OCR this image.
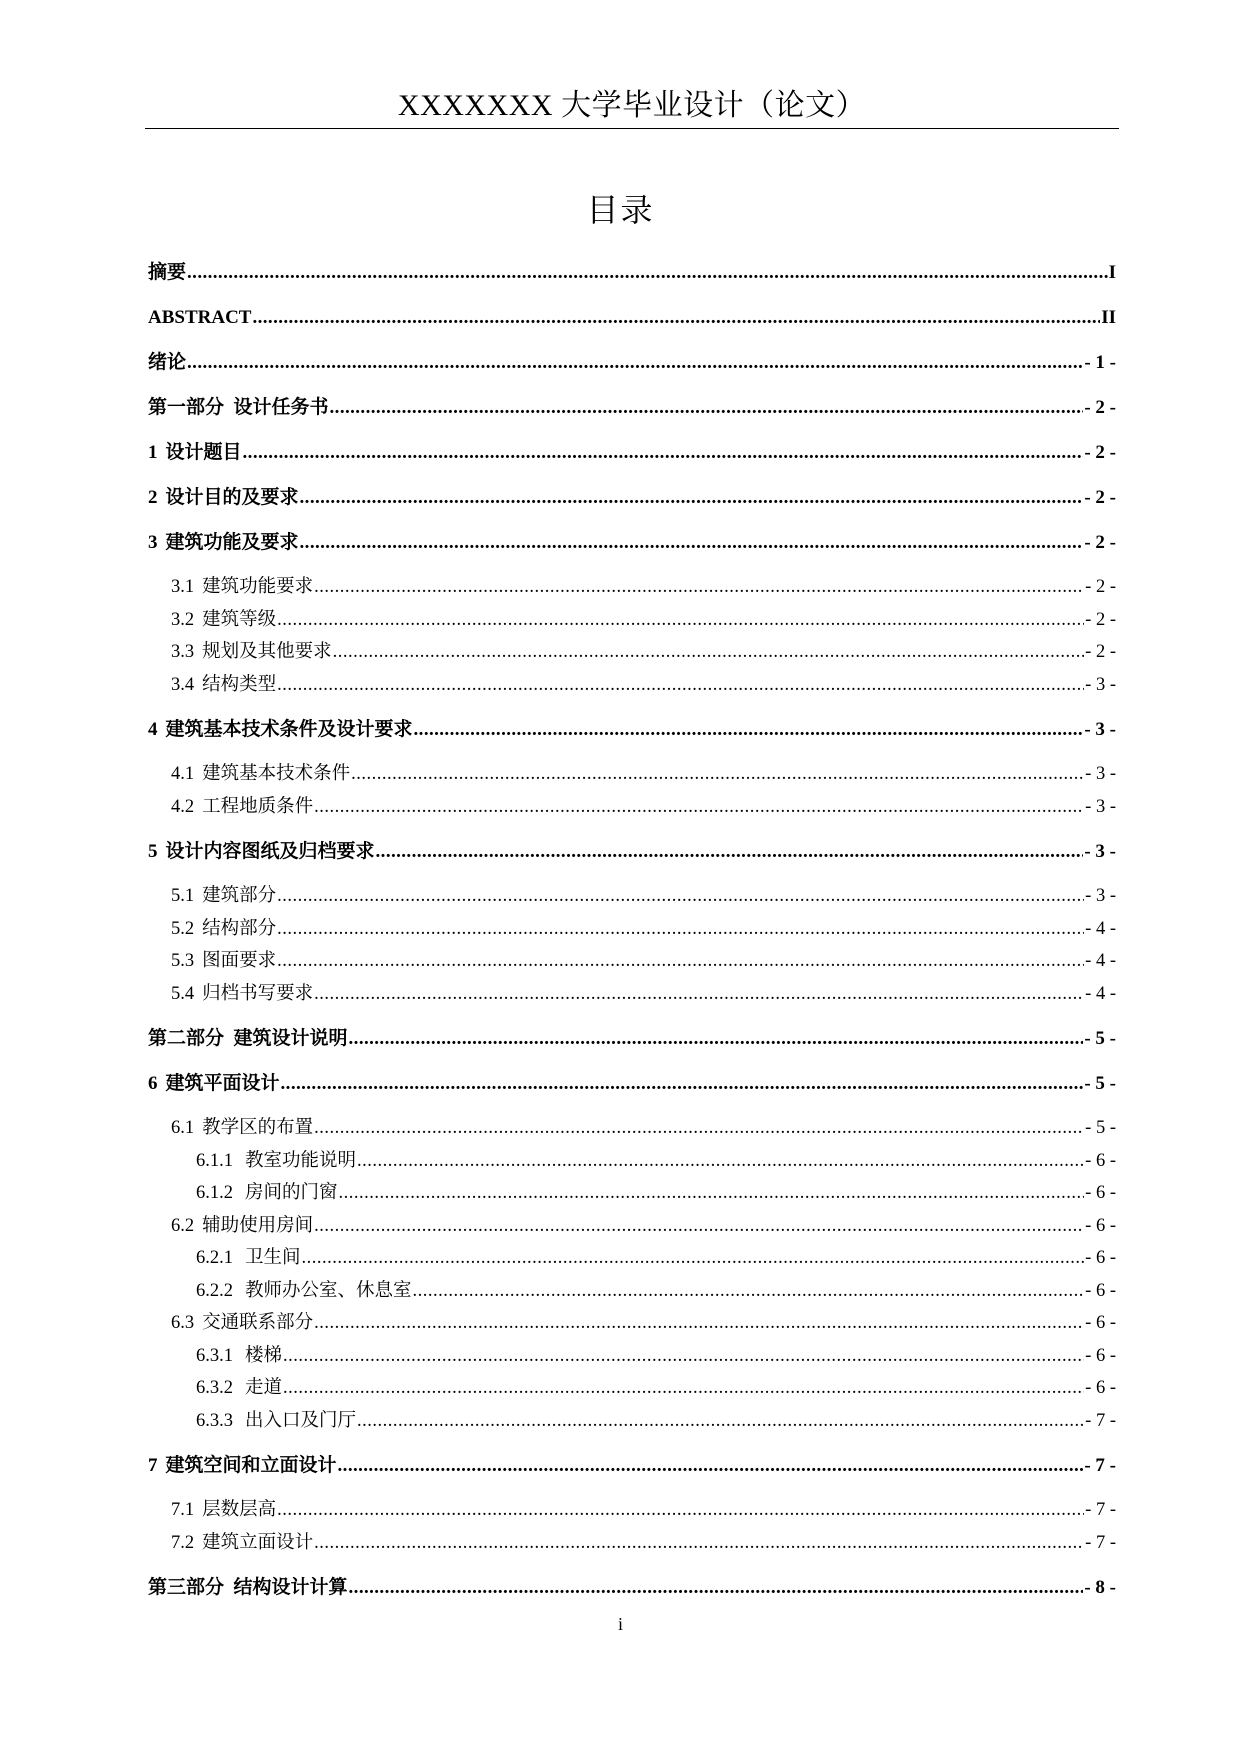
XXXXXXX 大学毕业设计（论文）
目录
摘要 .....	I
ABSTRACT .....	II
绪论 .....	- 1 -
第一部分  设计任务书 .....	- 2 -
1 设计题目 .....	- 2 -
2 设计目的及要求 .....	- 2 -
3 建筑功能及要求 .....	- 2 -
3.1 建筑功能要求 .....	- 2 -
3.2 建筑等级 .....	- 2 -
3.3 规划及其他要求 .....	- 2 -
3.4 结构类型 .....	- 3 -
4 建筑基本技术条件及设计要求 .....	- 3 -
4.1 建筑基本技术条件 .....	- 3 -
4.2 工程地质条件 .....	- 3 -
5 设计内容图纸及归档要求 .....	- 3 -
5.1 建筑部分 .....	- 3 -
5.2 结构部分 .....	- 4 -
5.3 图面要求 .....	- 4 -
5.4 归档书写要求 .....	- 4 -
第二部分  建筑设计说明 .....	- 5 -
6 建筑平面设计 .....	- 5 -
6.1 教学区的布置 .....	- 5 -
6.1.1 教室功能说明 .....	- 6 -
6.1.2 房间的门窗 .....	- 6 -
6.2 辅助使用房间 .....	- 6 -
6.2.1 卫生间 .....	- 6 -
6.2.2 教师办公室、休息室 .....	- 6 -
6.3 交通联系部分 .....	- 6 -
6.3.1 楼梯 .....	- 6 -
6.3.2 走道 .....	- 6 -
6.3.3 出入口及门厅 .....	- 7 -
7 建筑空间和立面设计 .....	- 7 -
7.1 层数层高 .....	- 7 -
7.2 建筑立面设计 .....	- 7 -
第三部分  结构设计计算 .....	- 8 -
i
